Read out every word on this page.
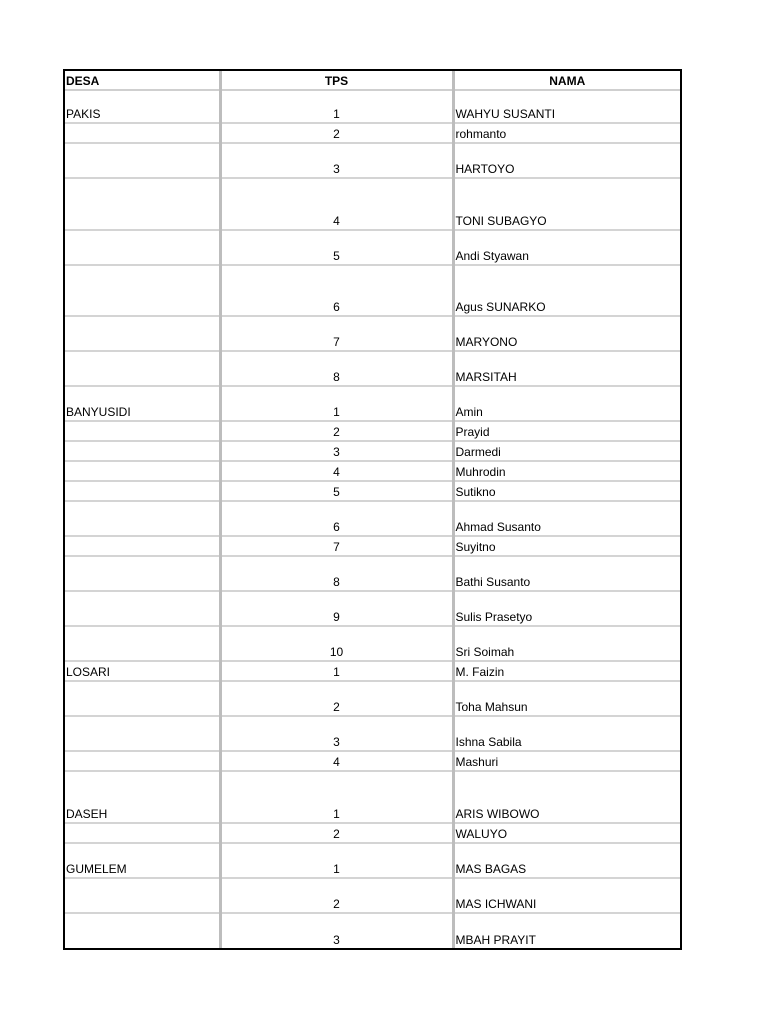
DESA	TPS	NAMA
PAKIS	1	WAHYU SUSANTI
	2	rohmanto
	3	HARTOYO
	4	TONI SUBAGYO
	5	Andi Styawan
	6	Agus SUNARKO
	7	MARYONO
	8	MARSITAH
BANYUSIDI	1	Amin
	2	Prayid
	3	Darmedi
	4	Muhrodin
	5	Sutikno
	6	Ahmad Susanto
	7	Suyitno
	8	Bathi Susanto
	9	Sulis Prasetyo
	10	Sri Soimah
LOSARI	1	M. Faizin
	2	Toha Mahsun
	3	Ishna Sabila
	4	Mashuri
DASEH	1	ARIS WIBOWO
	2	WALUYO
GUMELEM	1	MAS BAGAS
	2	MAS ICHWANI
	3	MBAH PRAYIT
